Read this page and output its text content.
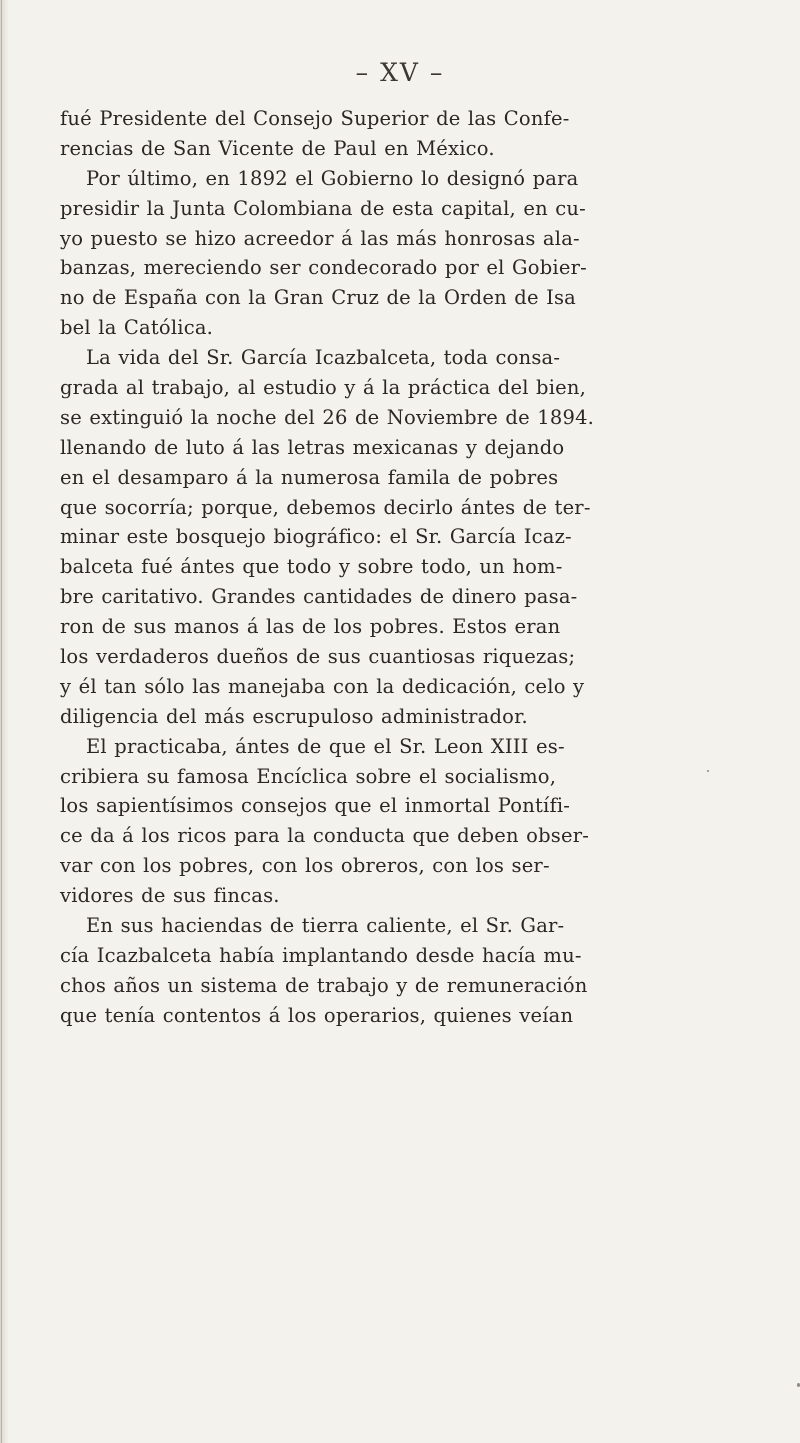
– XV –
fué Presidente del Consejo Superior de las Confe-
rencias de San Vicente de Paul en México.
Por último, en 1892 el Gobierno lo designó para
presidir la Junta Colombiana de esta capital, en cu-
yo puesto se hizo acreedor á las más honrosas ala-
banzas, mereciendo ser condecorado por el Gobier-
no de España con la Gran Cruz de la Orden de Isa
bel la Católica.
La vida del Sr. García Icazbalceta, toda consa-
grada al trabajo, al estudio y á la práctica del bien,
se extinguió la noche del 26 de Noviembre de 1894.
llenando de luto á las letras mexicanas y dejando
en el desamparo á la numerosa famila de pobres
que socorría; porque, debemos decirlo ántes de ter-
minar este bosquejo biográfico: el Sr. García Icaz-
balceta fué ántes que todo y sobre todo, un hom-
bre caritativo. Grandes cantidades de dinero pasa-
ron de sus manos á las de los pobres. Estos eran
los verdaderos dueños de sus cuantiosas riquezas;
y él tan sólo las manejaba con la dedicación, celo y
diligencia del más escrupuloso administrador.
El practicaba, ántes de que el Sr. Leon XIII es-
cribiera su famosa Encíclica sobre el socialismo,
los sapientísimos consejos que el inmortal Pontífi-
ce da á los ricos para la conducta que deben obser-
var con los pobres, con los obreros, con los ser-
vidores de sus fincas.
En sus haciendas de tierra caliente, el Sr. Gar-
cía Icazbalceta había implantando desde hacía mu-
chos años un sistema de trabajo y de remuneración
que tenía contentos á los operarios, quienes veían
